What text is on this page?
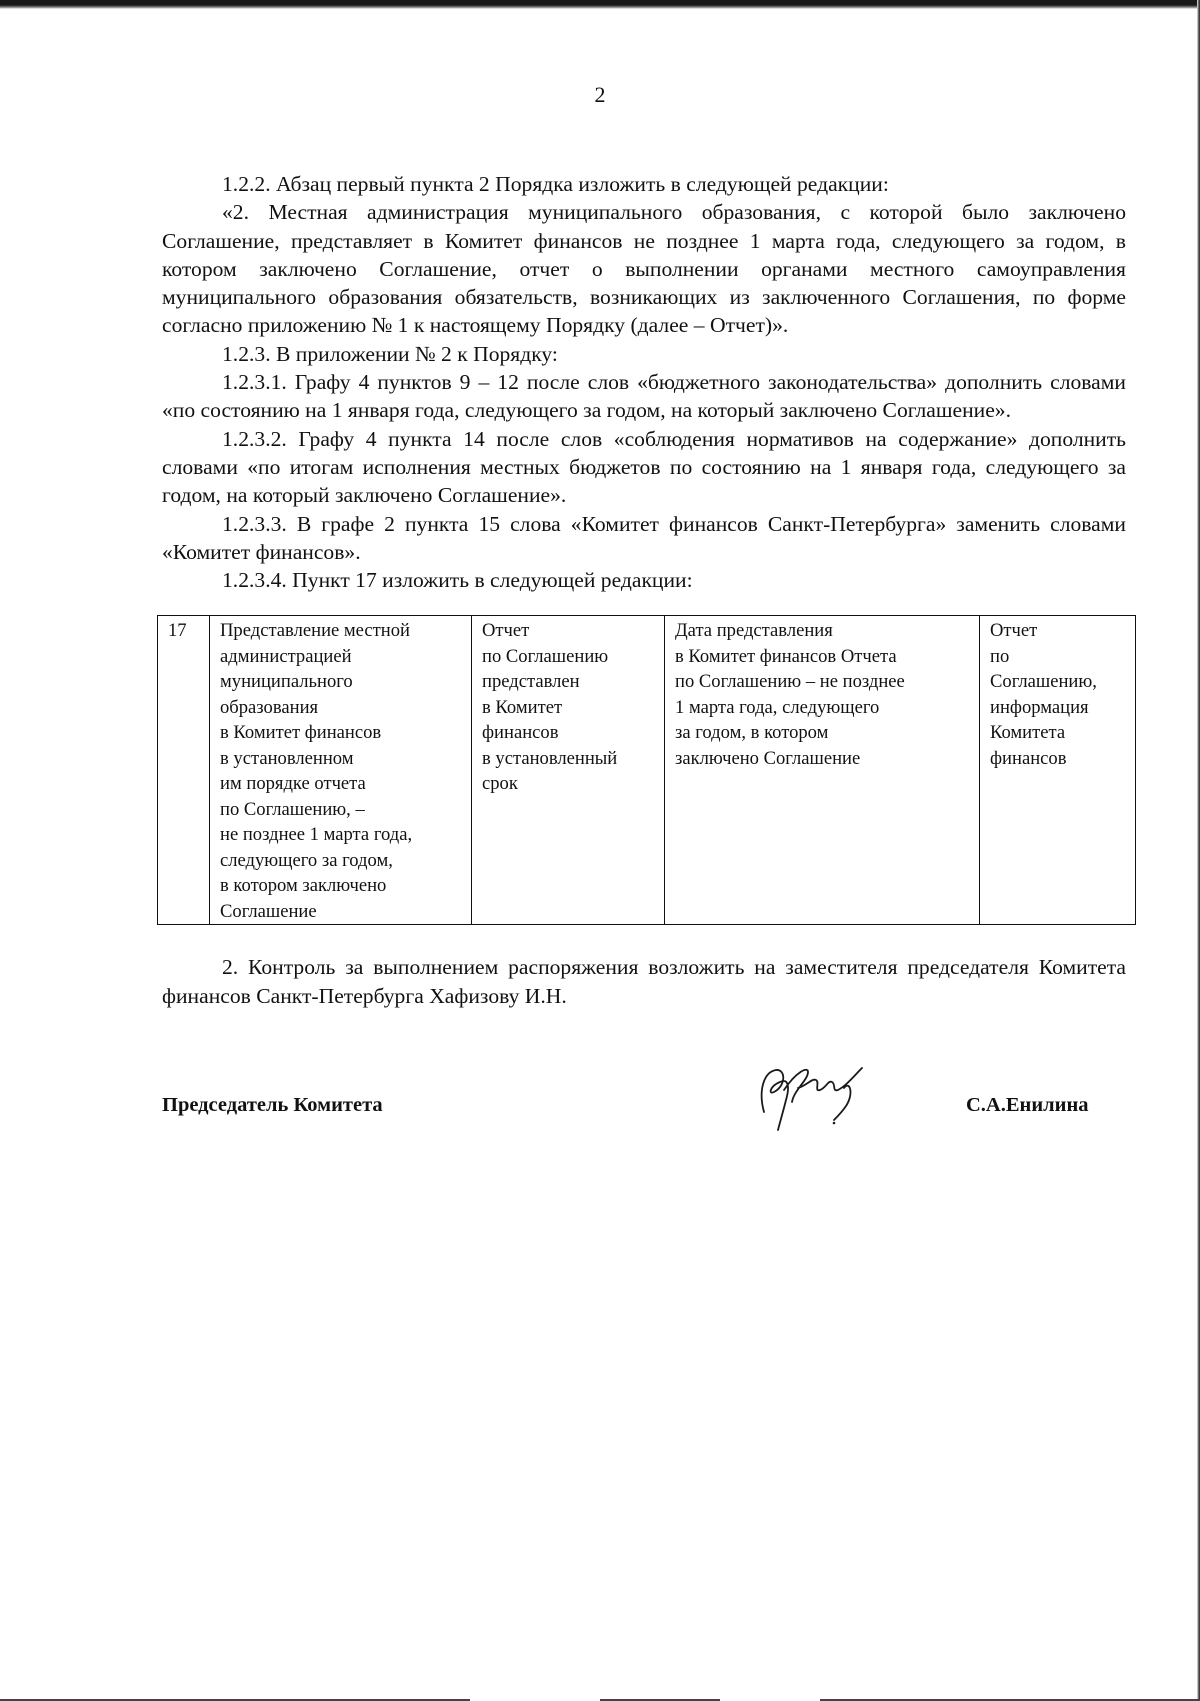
2

1.2.2. Абзац первый пункта 2 Порядка изложить в следующей редакции:

«2. Местная администрация муниципального образования, с которой было заключено Соглашение, представляет в Комитет финансов не позднее 1 марта года, следующего за годом, в котором заключено Соглашение, отчет о выполнении органами местного самоуправления муниципального образования обязательств, возникающих из заключенного Соглашения, по форме согласно приложению № 1 к настоящему Порядку (далее – Отчет)».

1.2.3. В приложении № 2 к Порядку:

1.2.3.1. Графу 4 пунктов 9 – 12 после слов «бюджетного законодательства» дополнить словами «по состоянию на 1 января года, следующего за годом, на который заключено Соглашение».

1.2.3.2. Графу 4 пункта 14 после слов «соблюдения нормативов на содержание» дополнить словами «по итогам исполнения местных бюджетов по состоянию на 1 января года, следующего за годом, на который заключено Соглашение».

1.2.3.3. В графе 2 пункта 15 слова «Комитет финансов Санкт-Петербурга» заменить словами «Комитет финансов».

1.2.3.4. Пункт 17 изложить в следующей редакции:

17	Представление местной
администрацией
муниципального
образования
в Комитет финансов
в установленном
им порядке отчета
по Соглашению, –
не позднее 1 марта года,
следующего за годом,
в котором заключено
Соглашение	Отчет
по Соглашению
представлен
в Комитет
финансов
в установленный
срок	Дата представления
в Комитет финансов Отчета
по Соглашению – не позднее
1 марта года, следующего
за годом, в котором
заключено Соглашение	Отчет
по
Соглашению,
информация
Комитета
финансов

2. Контроль за выполнением распоряжения возложить на заместителя председателя Комитета финансов Санкт-Петербурга Хафизову И.Н.

Председатель Комитета	С.А.Енилина
